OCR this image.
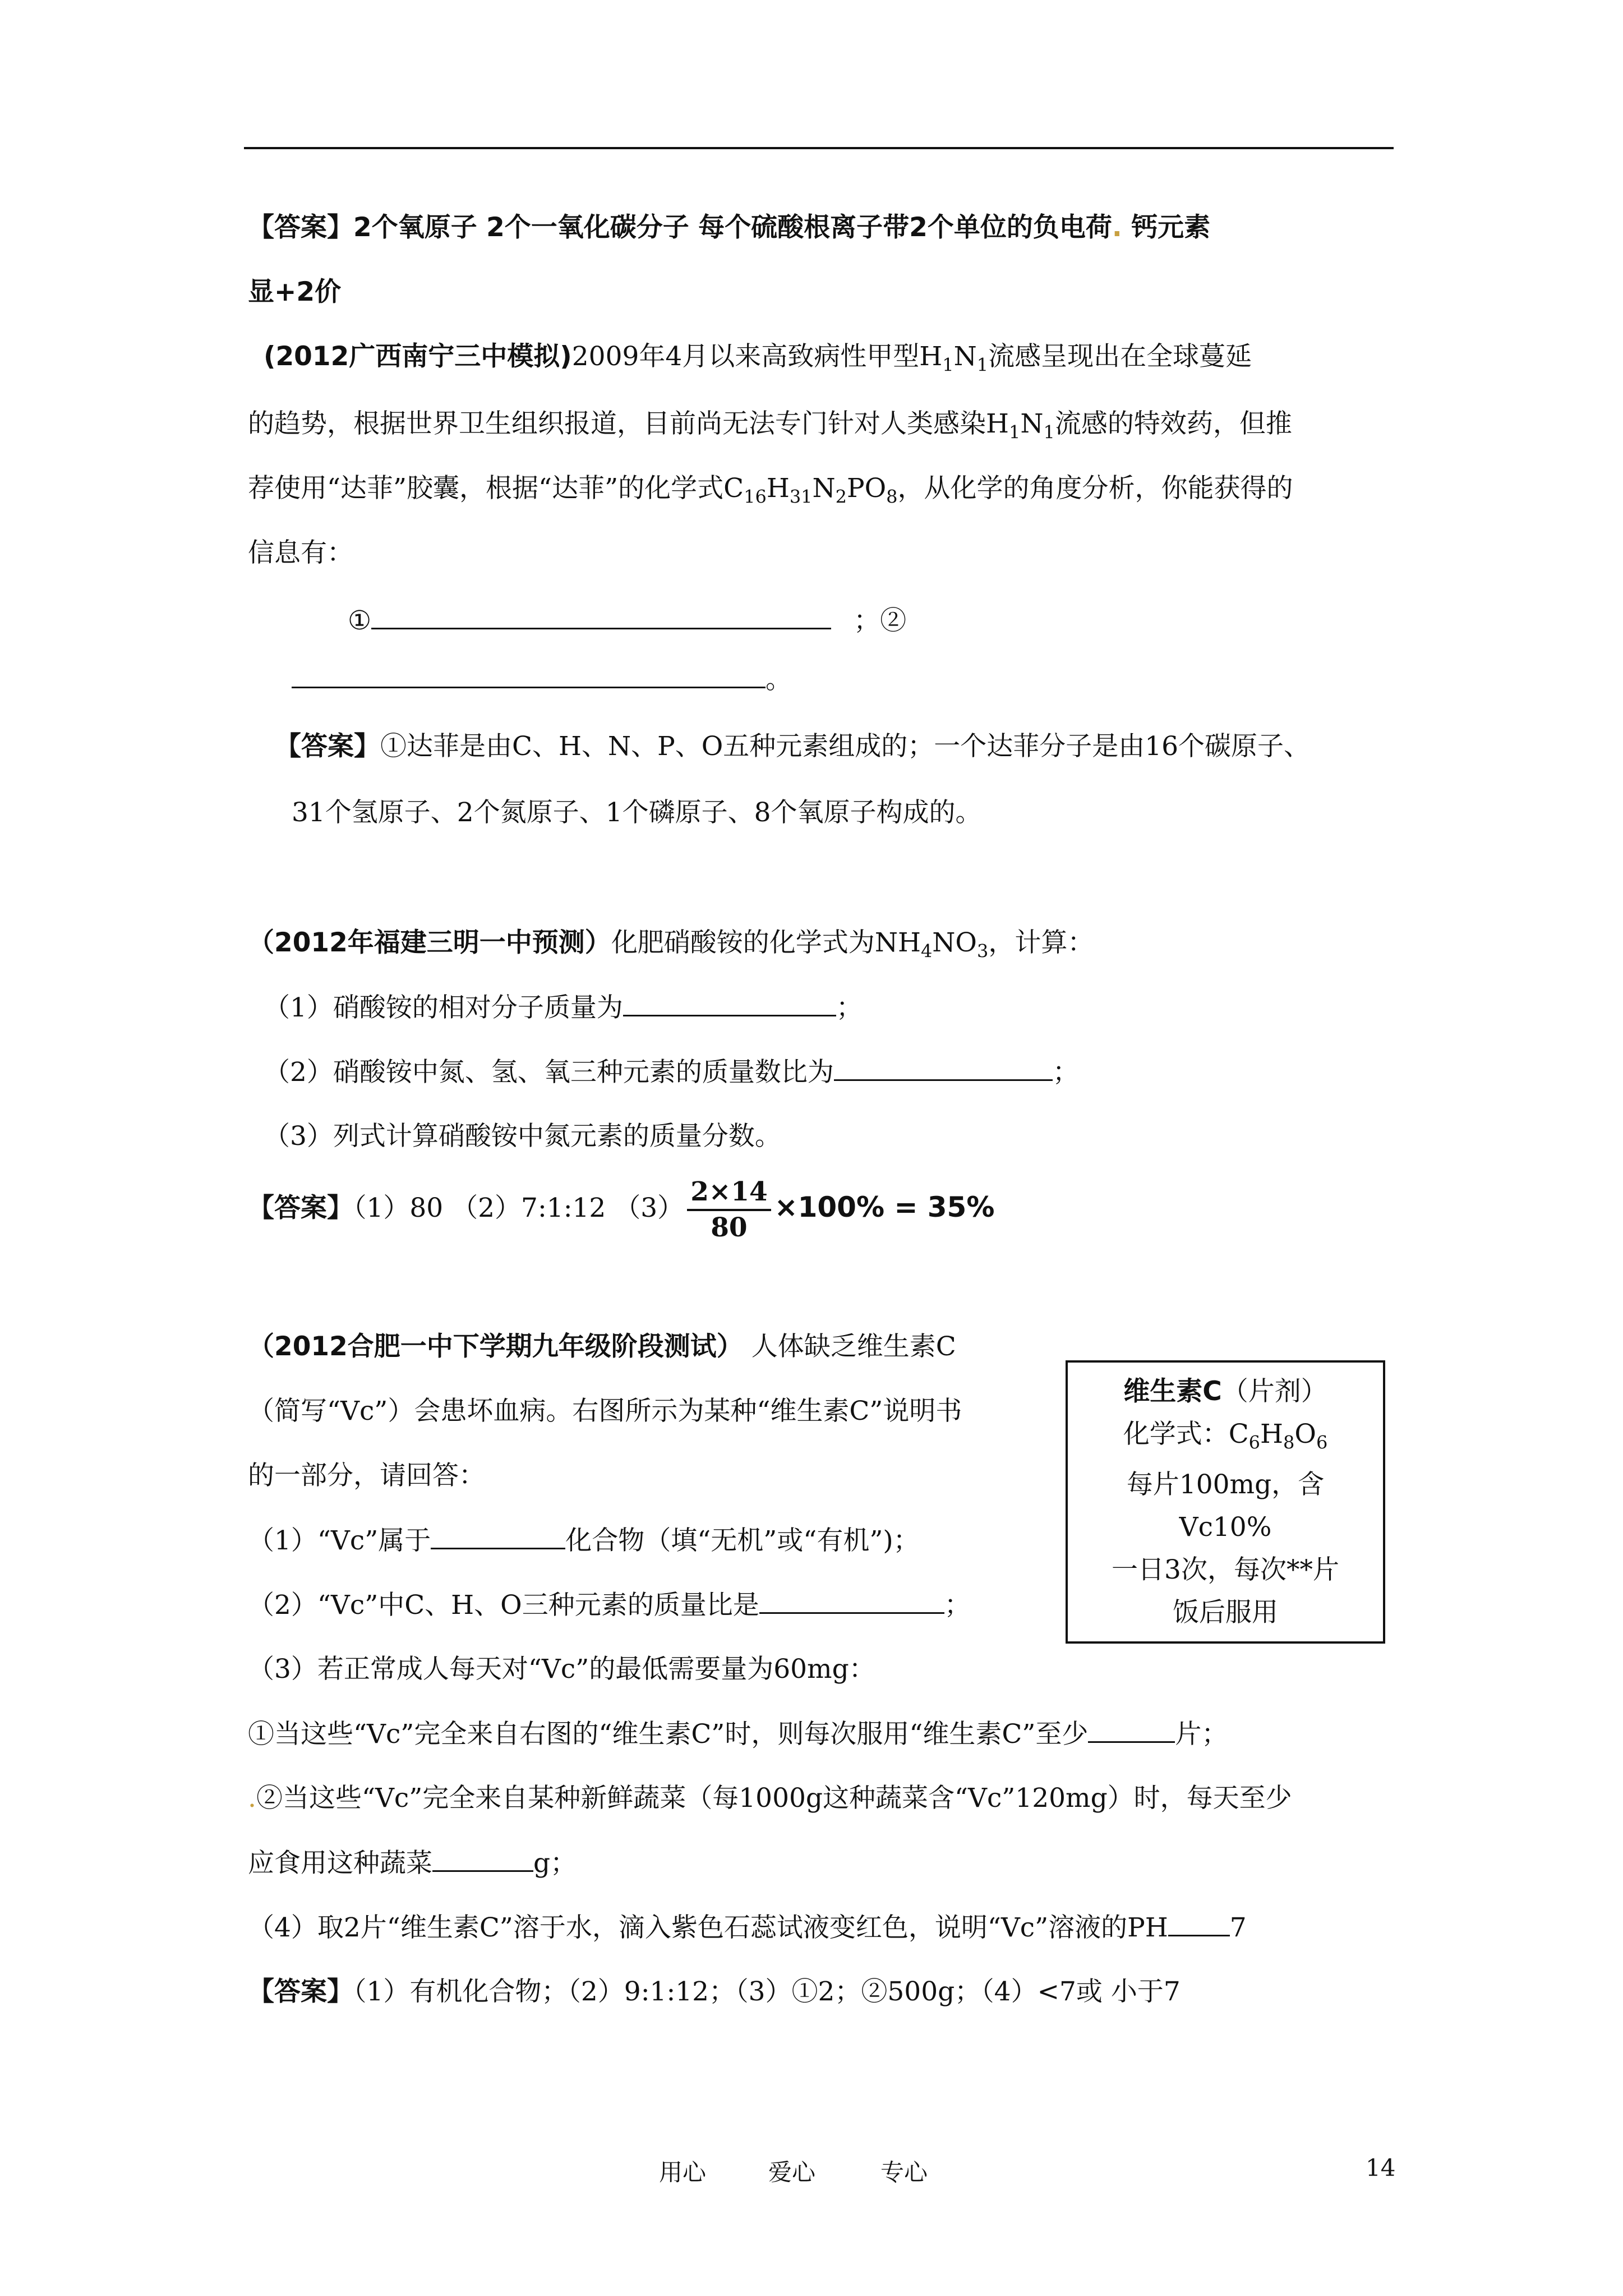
【答案】2个氧原子 2个一氧化碳分子 每个硫酸根离子带2个单位的负电荷. 钙元素
显+2价
(2012广西南宁三中模拟)2009年4月以来高致病性甲型$H_1N_1$流感呈现出在全球蔓延
的趋势，根据世界卫生组织报道，目前尚无法专门针对人类感染$H_1N_1$流感的特效药，但推
荐使用“达菲”胶囊，根据“达菲”的化学式$C_{16}H_{31}N_2PO_8$，从化学的角度分析，你能获得的
信息有：
①	；②
。
【答案】①达菲是由C、H、N、P、O五种元素组成的；一个达菲分子是由16个碳原子、
31个氢原子、2个氮原子、1个磷原子、8个氧原子构成的。
（2012年福建三明一中预测）化肥硝酸铵的化学式为$NH_4NO_3$，计算：
（1）硝酸铵的相对分子质量为	；
（2）硝酸铵中氮、氢、氧三种元素的质量数比为	；
（3）列式计算硝酸铵中氮元素的质量分数。
【答案】（1）80 （2）7:1:12 $(3) \frac{2\times 14}{80} \times 100\% = 35\%$
（2012合肥一中下学期九年级阶段测试） 人体缺乏维生素C
（简写“Vc”）会患坏血病。右图所示为某种“维生素C”说明书
的一部分，请回答：
（1）“Vc”属于	化合物（填“无机”或“有机”)；
（2）“Vc”中C、H、O三种元素的质量比是	；
（3）若正常成人每天对“Vc”的最低需要量为60mg：
①当这些“Vc”完全来自右图的“维生素C”时，则每次服用“维生素C”至少	片；
.②当这些“Vc”完全来自某种新鲜蔬菜（每1000g这种蔬菜含“Vc”120mg）时，每天至少
应食用这种蔬菜	g；
（4）取2片“维生素C”溶于水，滴入紫色石蕊试液变红色，说明“Vc”溶液的PH 7
【答案】（1）有机化合物；（2）9:1:12；（3）①2；②500g；（4）<7或 小于7
维生素C（片剂）
化学式：$C_6H_8O_6$
每片100mg，含
Vc10%
一日3次，每次**片
饭后服用
用心	爱心	专心	14
